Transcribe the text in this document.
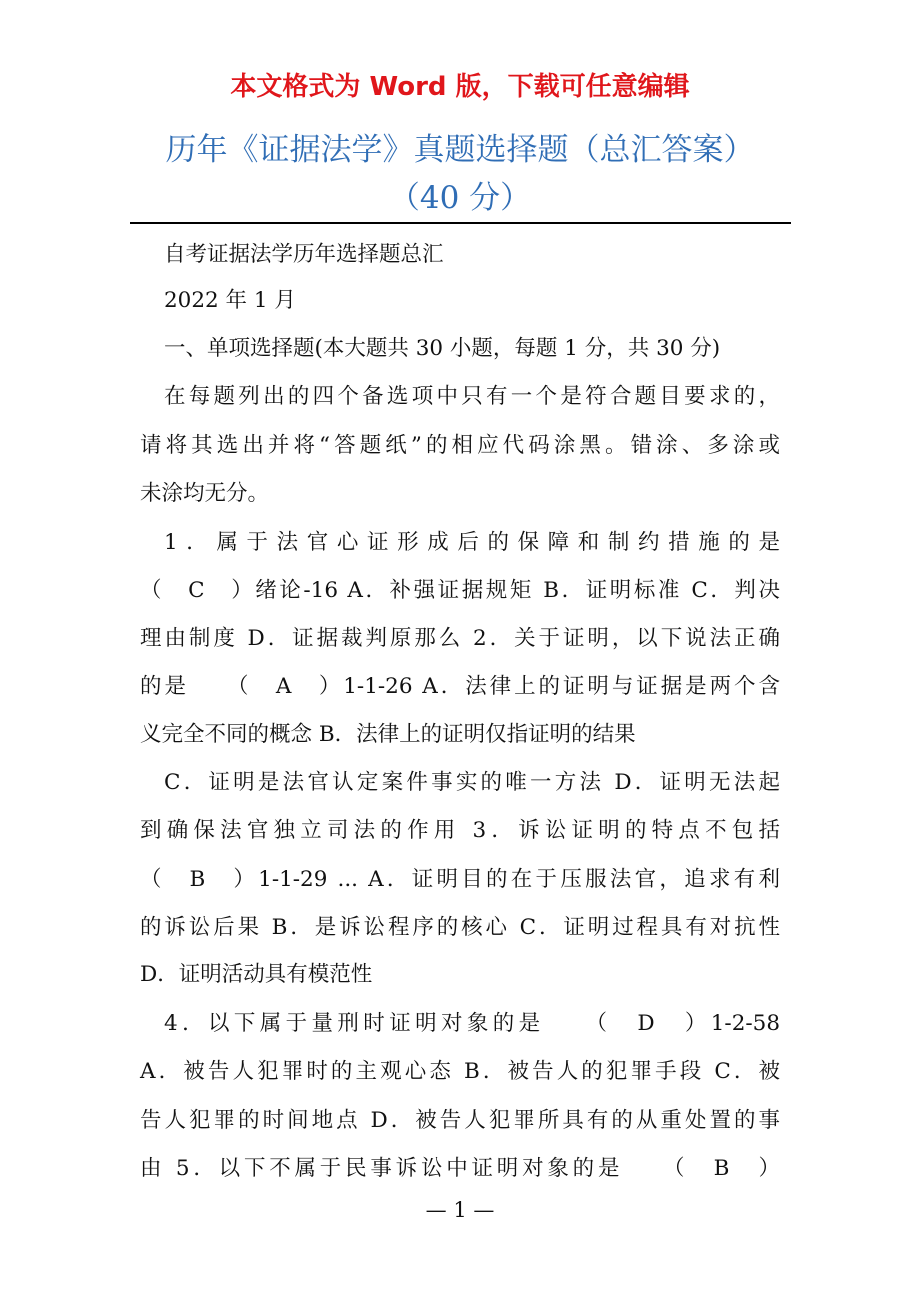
本文格式为 Word 版，下载可任意编辑
历年《证据法学》真题选择题（总汇答案）
（40 分）
自考证据法学历年选择题总汇
2022 年 1 月
一、单项选择题(本大题共 30 小题，每题 1 分，共 30 分)
在每题列出的四个备选项中只有一个是符合题目要求的，
请将其选出并将“答题纸”的相应代码涂黑。错涂、多涂或
未涂均无分。
1．属于法官心证形成后的保障和制约措施的是
（　C　）绪论-16 A．补强证据规矩 B．证明标准 C．判决
理由制度 D．证据裁判原那么 2．关于证明，以下说法正确
的是　　（　A　）1-1-26 A．法律上的证明与证据是两个含
义完全不同的概念 B．法律上的证明仅指证明的结果
C．证明是法官认定案件事实的唯一方法 D．证明无法起
到确保法官独立司法的作用 3．诉讼证明的特点不包括
（　B　）1-1-29 ... A．证明目的在于压服法官，追求有利
的诉讼后果 B．是诉讼程序的核心 C．证明过程具有对抗性
D．证明活动具有模范性
4．以下属于量刑时证明对象的是　　（　D　）1-2-58
A．被告人犯罪时的主观心态 B．被告人的犯罪手段 C．被
告人犯罪的时间地点 D．被告人犯罪所具有的从重处置的事
由 5．以下不属于民事诉讼中证明对象的是　　（　B　）
— 1 —
